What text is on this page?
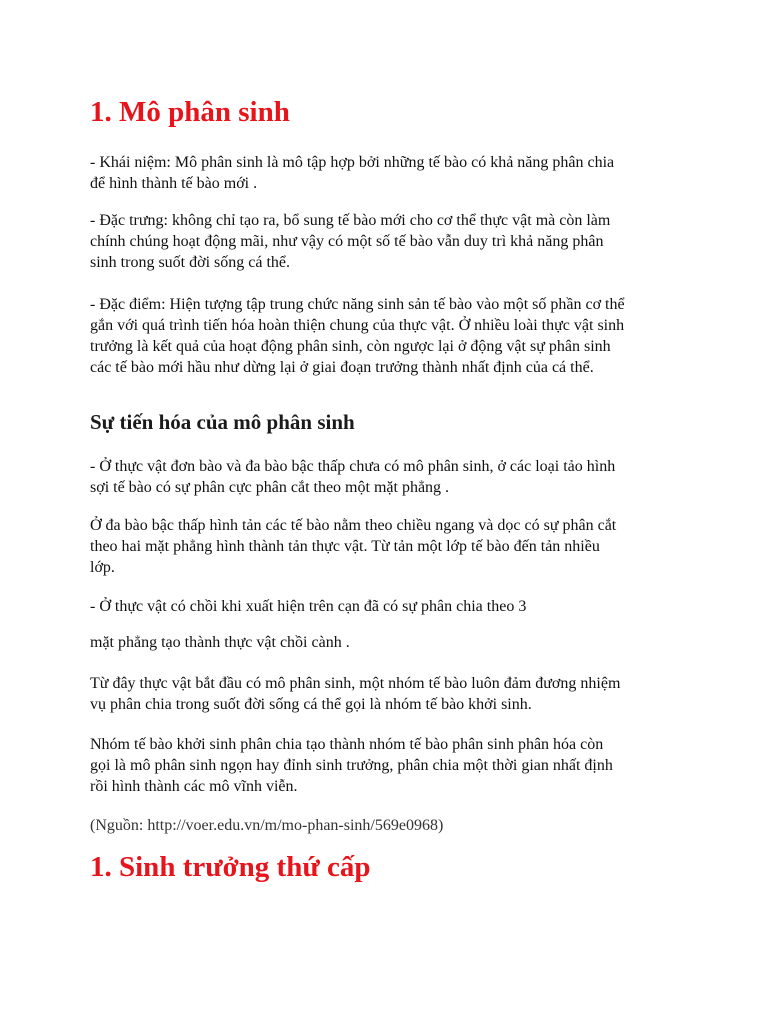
1. Mô phân sinh

- Khái niệm: Mô phân sinh là mô tập hợp bởi những tế bào có khả năng phân chia
để hình thành tế bào mới .

- Đặc trưng: không chỉ tạo ra, bổ sung tế bào mới cho cơ thể thực vật mà còn làm
chính chúng hoạt động mãi, như vậy có một số tế bào vẫn duy trì khả năng phân
sinh trong suốt đời sống cá thể.

- Đặc điểm: Hiện tượng tập trung chức năng sinh sản tế bào vào một số phần cơ thể
gắn với quá trình tiến hóa hoàn thiện chung của thực vật. Ở nhiều loài thực vật sinh
trưởng là kết quả của hoạt động phân sinh, còn ngược lại ở động vật sự phân sinh
các tế bào mới hầu như dừng lại ở giai đoạn trưởng thành nhất định của cá thể.

Sự tiến hóa của mô phân sinh

- Ở thực vật đơn bào và đa bào bậc thấp chưa có mô phân sinh, ở các loại tảo hình
sợi tế bào có sự phân cực phân cắt theo một mặt phẳng .

Ở đa bào bậc thấp hình tản các tế bào nằm theo chiều ngang và dọc có sự phân cắt
theo hai mặt phẳng hình thành tản thực vật. Từ tản một lớp tế bào đến tản nhiều
lớp.

- Ở thực vật có chồi khi xuất hiện trên cạn đã có sự phân chia theo 3

mặt phẳng tạo thành thực vật chồi cành .

Từ đây thực vật bắt đầu có mô phân sinh, một nhóm tế bào luôn đảm đương nhiệm
vụ phân chia trong suốt đời sống cá thể gọi là nhóm tế bào khởi sinh.

Nhóm tế bào khởi sinh phân chia tạo thành nhóm tế bào phân sinh phân hóa còn
gọi là mô phân sinh ngọn hay đỉnh sinh trưởng, phân chia một thời gian nhất định
rồi hình thành các mô vĩnh viễn.

(Nguồn: http://voer.edu.vn/m/mo-phan-sinh/569e0968)
1. Sinh trưởng thứ cấp
